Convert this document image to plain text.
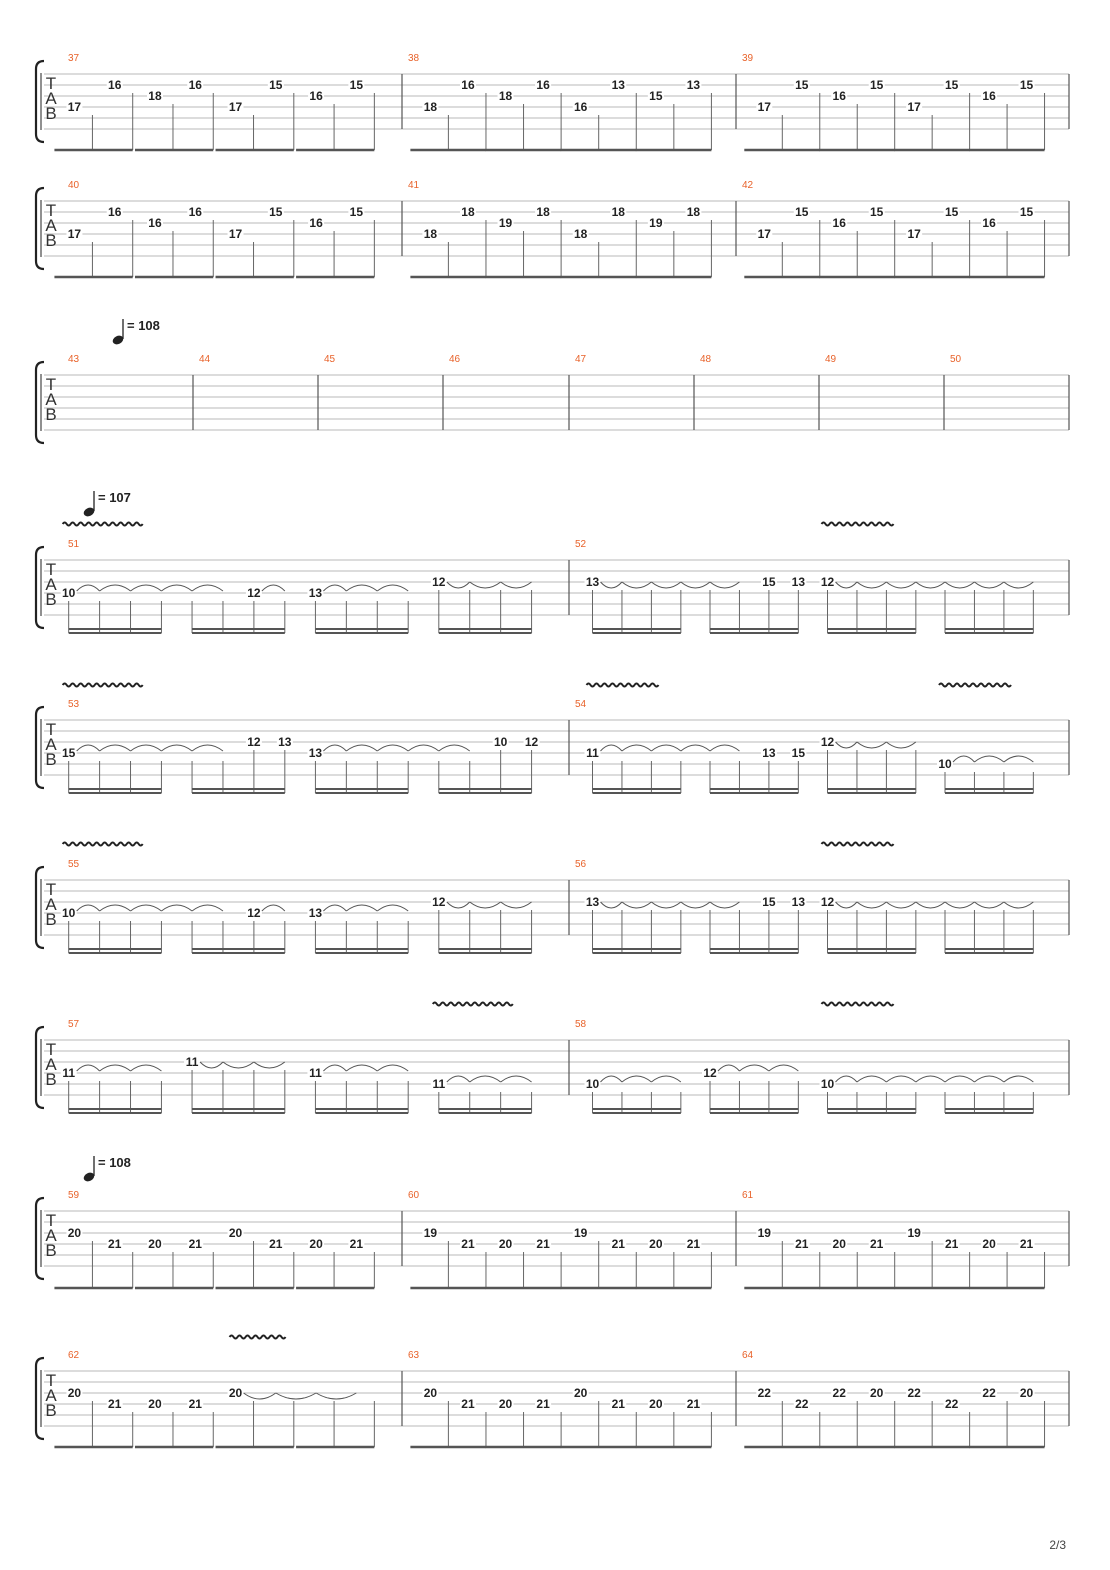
T
A
B
37
17
16
18
16
17
15
16
15
38
18
16
18
16
16
13
15
13
39
17
15
16
15
17
15
16
15
T
A
B
40
17
16
16
16
17
15
16
15
41
18
18
19
18
18
18
19
18
42
17
15
16
15
17
15
16
15
T
A
B
= 108
43	44	45	46	47	48	49	50
T
A
B
= 107
51
10	12	13
12
52
13	15 13 12
T
A
B
53
15
12 13
13
10 12
54
11	13 15
12
10
T
A
B
55
10	12	13
12
56
13	15 13 12
T
A
B
57
11
11
11
11
58
10
12
10
T
A
B
= 108
59
20
21 20 21
20
21 20 21
60
19
21 20 21
19
21 20 21
61
19
21 20 21
19
21 20 21
T
A
B
62
20
21 20 21
20
63
20
21 20 21
20
21 20 21
64
22
22
22 20 22
22
22 20
2/3
